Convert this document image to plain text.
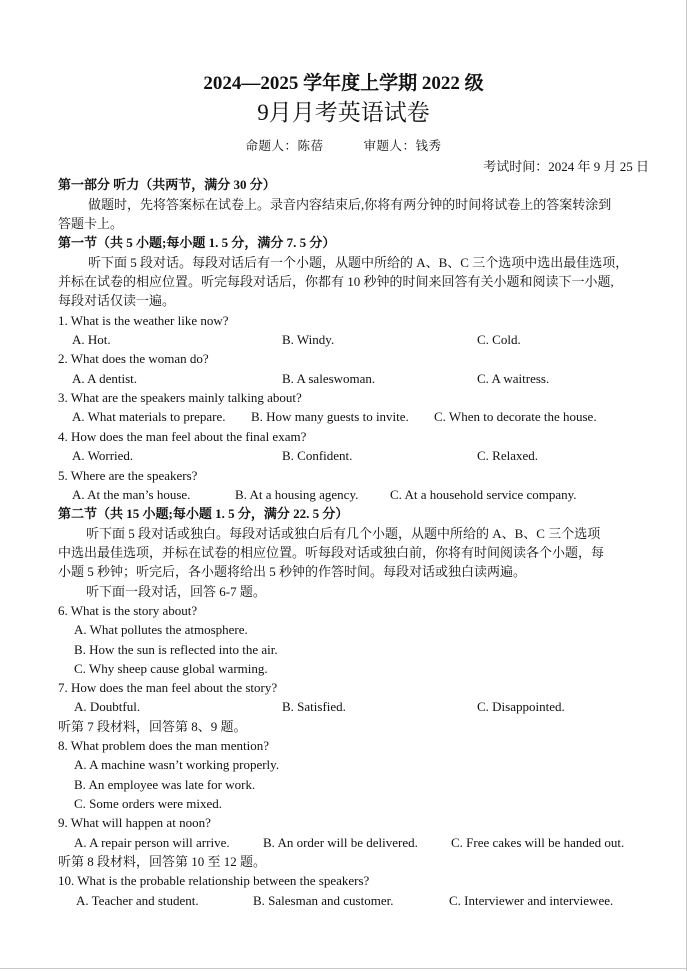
2024—2025 学年度上学期 2022 级
9月月考英语试卷
命题人：陈蓓	审题人：钱秀
考试时间：2024 年 9 月 25 日
第一部分 听力（共两节，满分 30 分）
做题时，先将答案标在试卷上。录音内容结束后,你将有两分钟的时间将试卷上的答案转涂到
答题卡上。
第一节（共 5 小题;每小题 1. 5 分，满分 7. 5 分）
听下面 5 段对话。每段对话后有一个小题，从题中所给的 A、B、C 三个选项中选出最佳选项，
并标在试卷的相应位置。听完每段对话后，你都有 10 秒钟的时间来回答有关小题和阅读下一小题,
每段对话仅读一遍。
1. What is the weather like now?
A. Hot.	B. Windy.	C. Cold.
2. What does the woman do?
A. A dentist.	B. A saleswoman.	C. A waitress.
3. What are the speakers mainly talking about?
A. What materials to prepare. B. How many guests to invite. C. When to decorate the house.
4. How does the man feel about the final exam?
A. Worried.	B. Confident.	C. Relaxed.
5. Where are the speakers?
A. At the man’s house.	B. At a housing agency. C. At a household service company.
第二节（共 15 小题;每小题 1. 5 分，满分 22. 5 分）
听下面 5 段对话或独白。每段对话或独白后有几个小题，从题中所给的 A、B、C 三个选项
中选出最佳选项，并标在试卷的相应位置。听每段对话或独白前，你将有时间阅读各个小题，每
小题 5 秒钟；听完后，各小题将给出 5 秒钟的作答时间。每段对话或独白读两遍。
听下面一段对话，回答 6-7 题。
6. What is the story about?
A. What pollutes the atmosphere.
B. How the sun is reflected into the air.
C. Why sheep cause global warming.
7. How does the man feel about the story?
A. Doubtful.	B. Satisfied.	C. Disappointed.
听第 7 段材料，回答第 8、9 题。
8. What problem does the man mention?
A. A machine wasn’t working properly.
B. An employee was late for work.
C. Some orders were mixed.
9. What will happen at noon?
A. A repair person will arrive.	B. An order will be delivered.	C. Free cakes will be handed out.
听第 8 段材料，回答第 10 至 12 题。
10. What is the probable relationship between the speakers?
A. Teacher and student.	B. Salesman and customer.	C. Interviewer and interviewee.
